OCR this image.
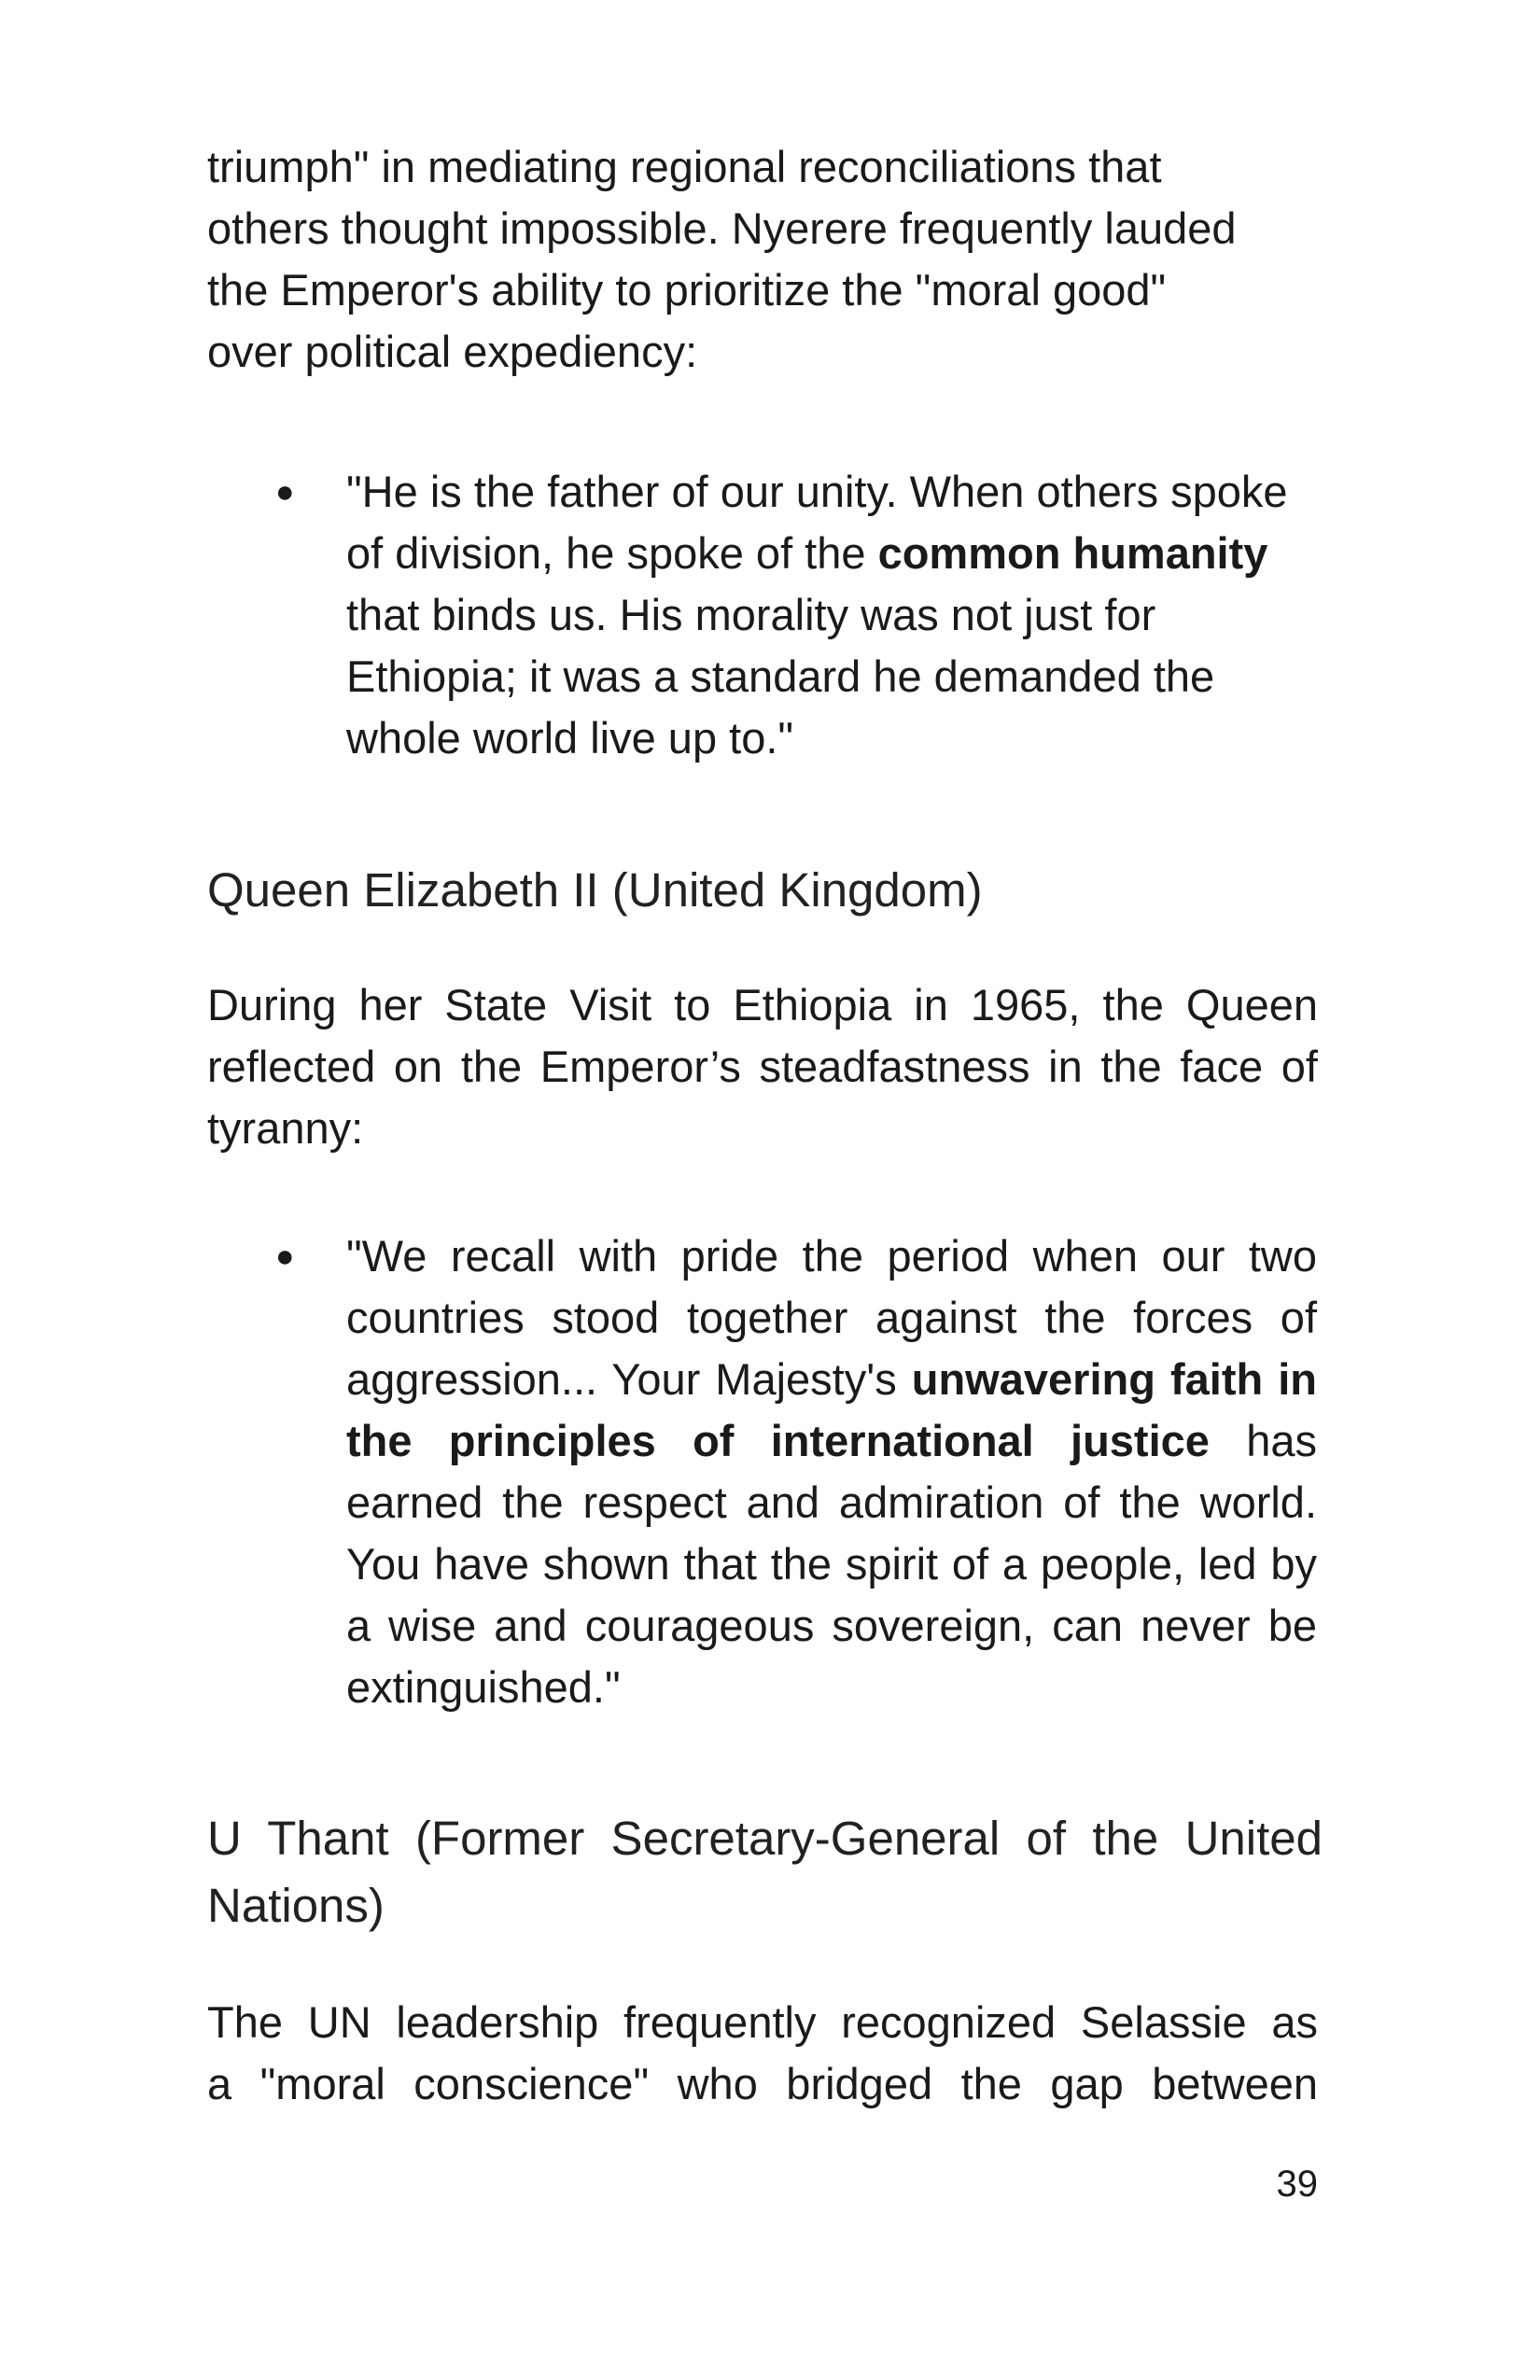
triumph" in mediating regional reconciliations that
others thought impossible. Nyerere frequently lauded
the Emperor's ability to prioritize the "moral good"
over political expediency:
● "He is the father of our unity. When others spoke of division, he spoke of the common humanity that binds us. His morality was not just for Ethiopia; it was a standard he demanded the whole world live up to."

Queen Elizabeth II (United Kingdom)

During her State Visit to Ethiopia in 1965, the Queen reflected on the Emperor’s steadfastness in the face of tyranny:

● "We recall with pride the period when our two countries stood together against the forces of aggression... Your Majesty's unwavering faith in the principles of international justice has earned the respect and admiration of the world. You have shown that the spirit of a people, led by a wise and courageous sovereign, can never be extinguished."

U Thant (Former Secretary-General of the United Nations)
The UN leadership frequently recognized Selassie as
a "moral conscience" who bridged the gap between
39
